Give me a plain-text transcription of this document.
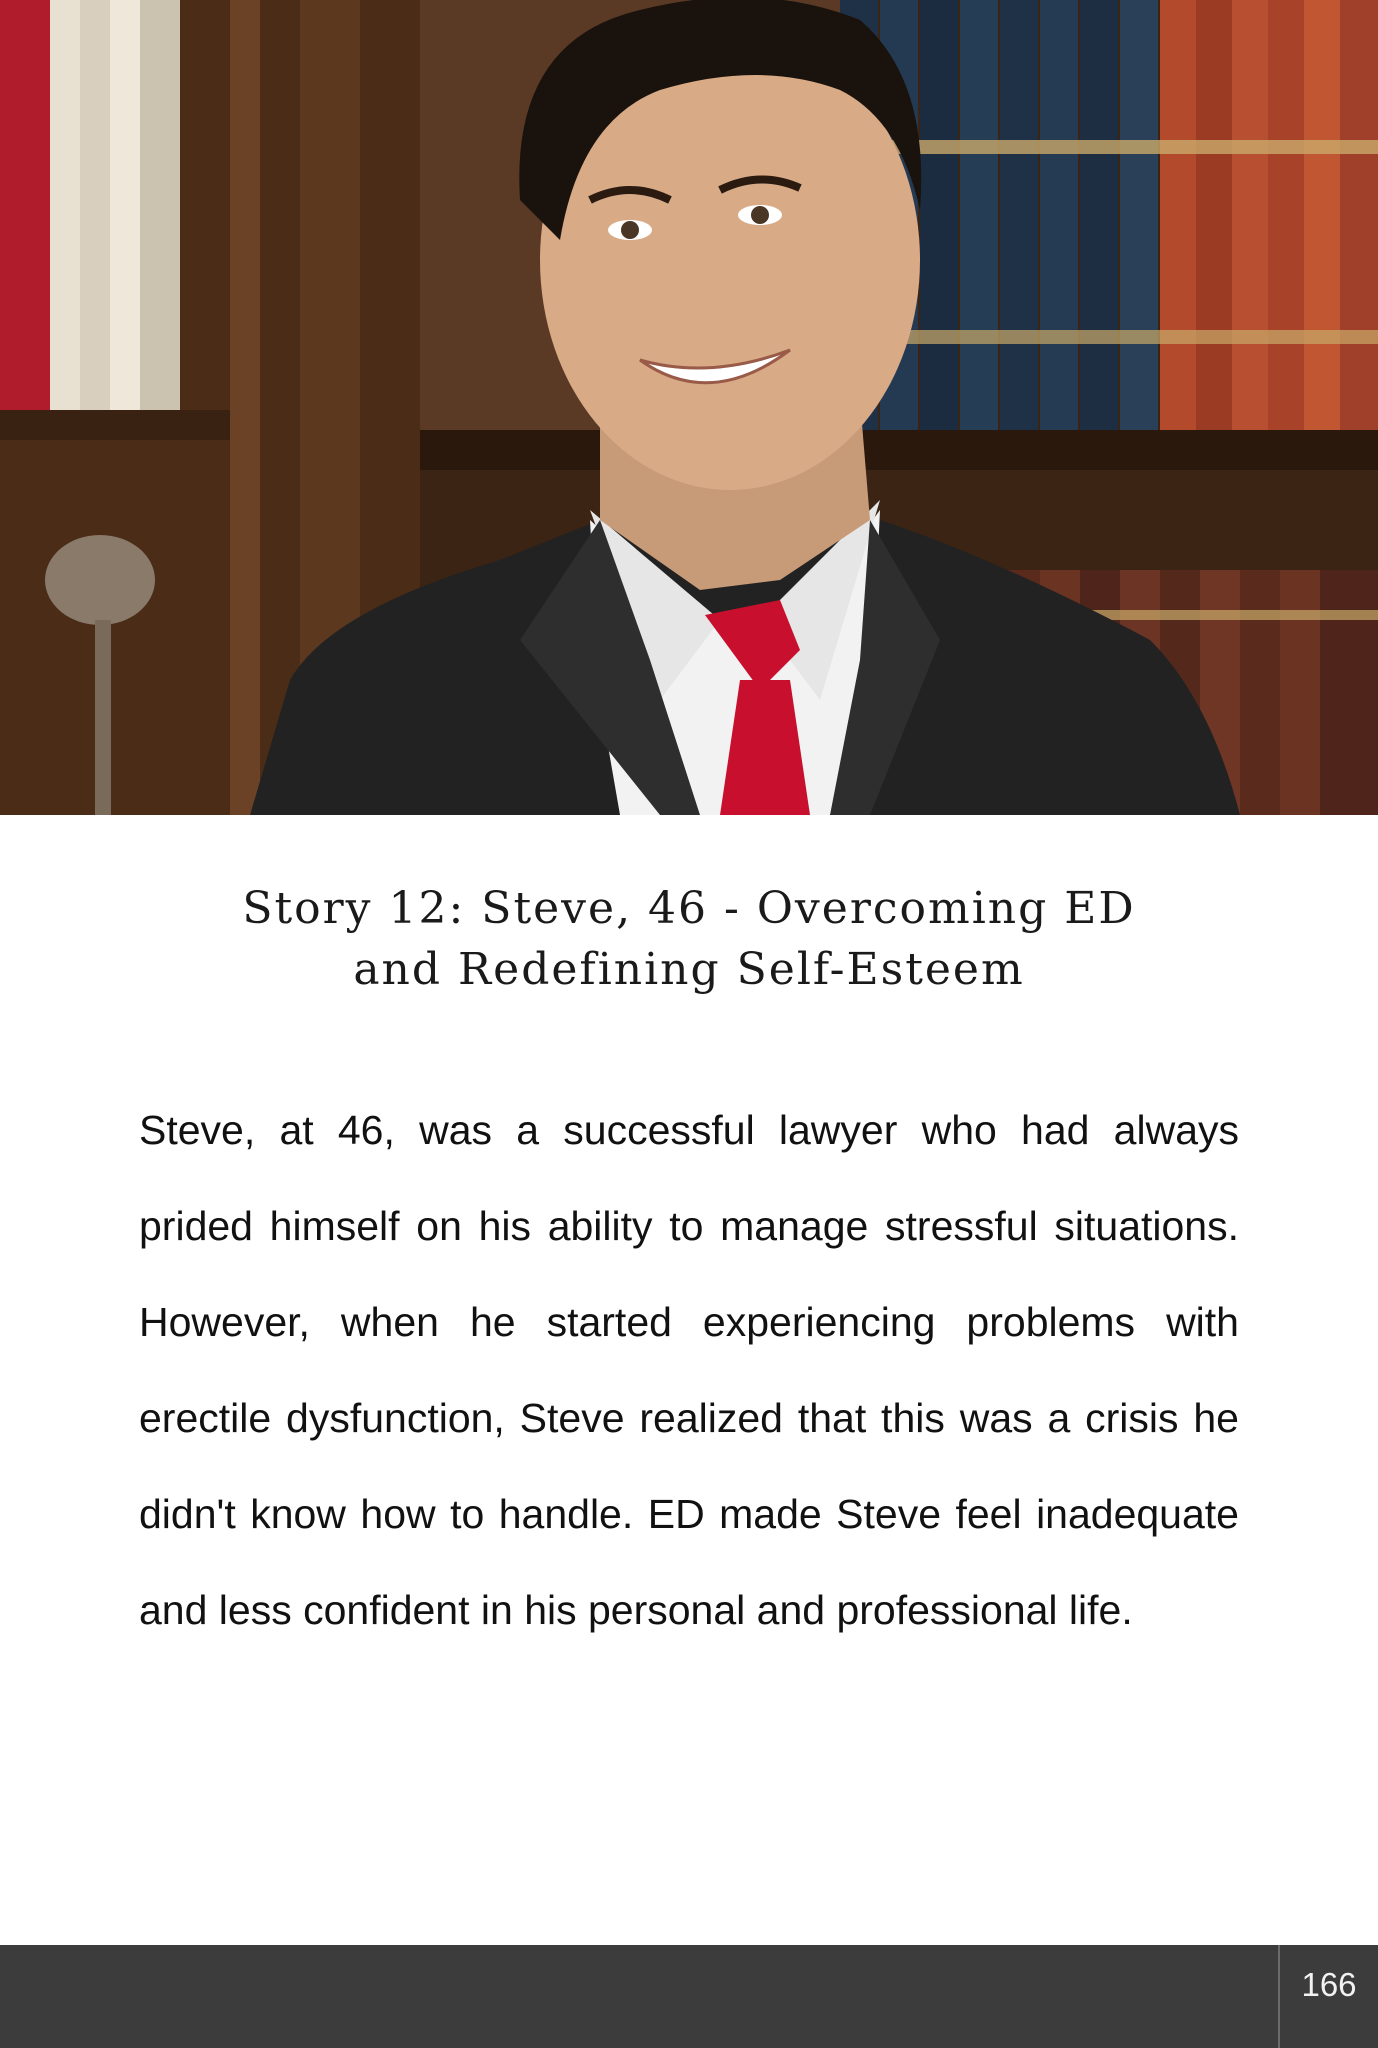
Story 12: Steve, 46 - Overcoming ED
and Redefining Self-Esteem

Steve, at 46, was a successful lawyer who had always prided himself on his ability to manage stressful situations. However, when he started experiencing problems with erectile dysfunction, Steve realized that this was a crisis he didn't know how to handle. ED made Steve feel inadequate and less confident in his personal and professional life.

166
